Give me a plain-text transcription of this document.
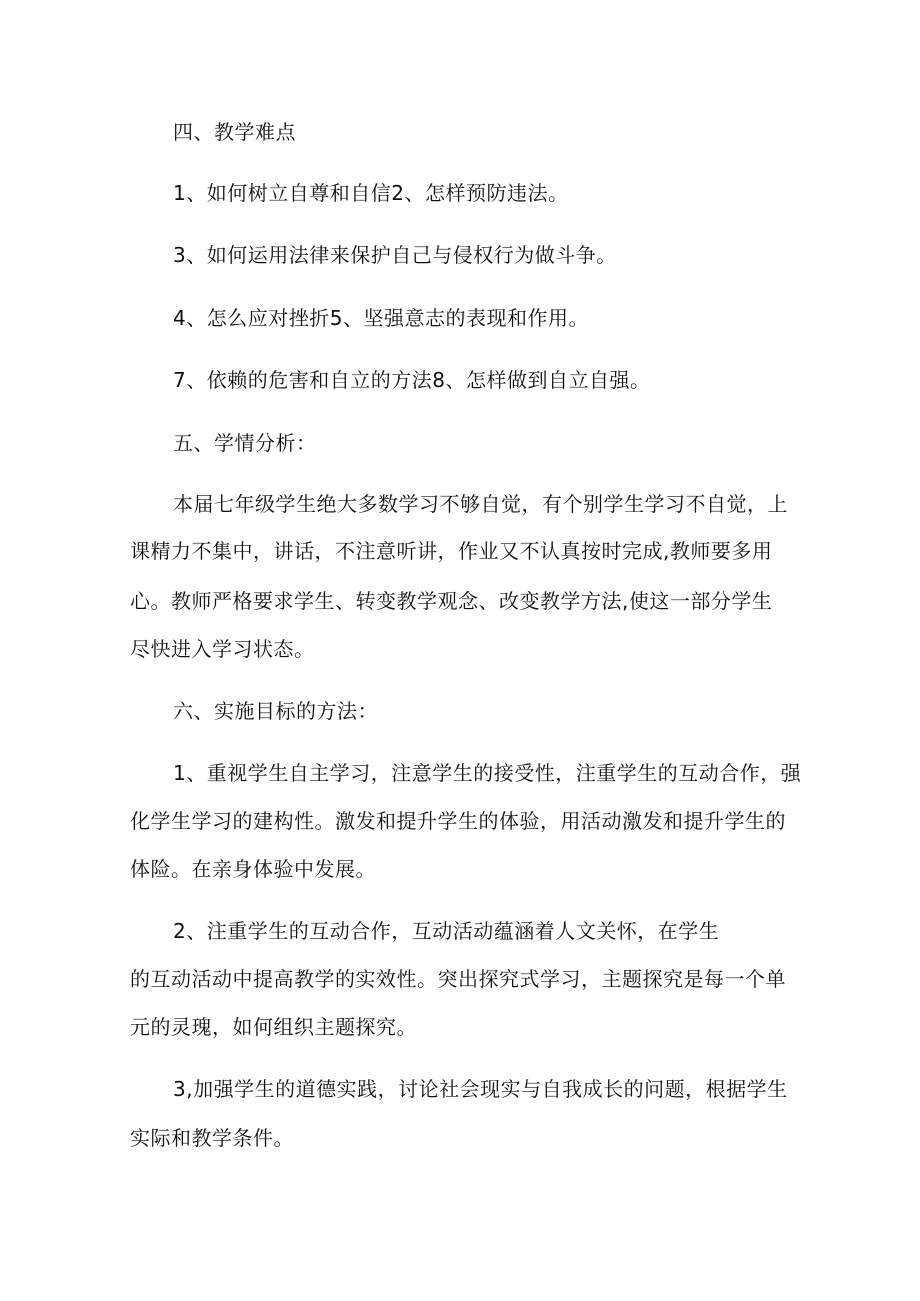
四、教学难点
1、如何树立自尊和自信2、怎样预防违法。
3、如何运用法律来保护自己与侵权行为做斗争。
4、怎么应对挫折5、坚强意志的表现和作用。
7、依赖的危害和自立的方法8、怎样做到自立自强。
五、学情分析：
本届七年级学生绝大多数学习不够自觉，有个别学生学习不自觉，上
课精力不集中，讲话，不注意听讲，作业又不认真按时完成,教师要多用
心。教师严格要求学生、转变教学观念、改变教学方法,使这一部分学生
尽快进入学习状态。
六、实施目标的方法：
1、重视学生自主学习，注意学生的接受性，注重学生的互动合作，强
化学生学习的建构性。激发和提升学生的体验，用活动激发和提升学生的
体险。在亲身体验中发展。
2、注重学生的互动合作，互动活动蕴涵着人文关怀，在学生
的互动活动中提高教学的实效性。突出探究式学习，主题探究是每一个单
元的灵瑰，如何组织主题探究。
3,加强学生的道德实践，讨论社会现实与自我成长的问题，根据学生
实际和教学条件。
